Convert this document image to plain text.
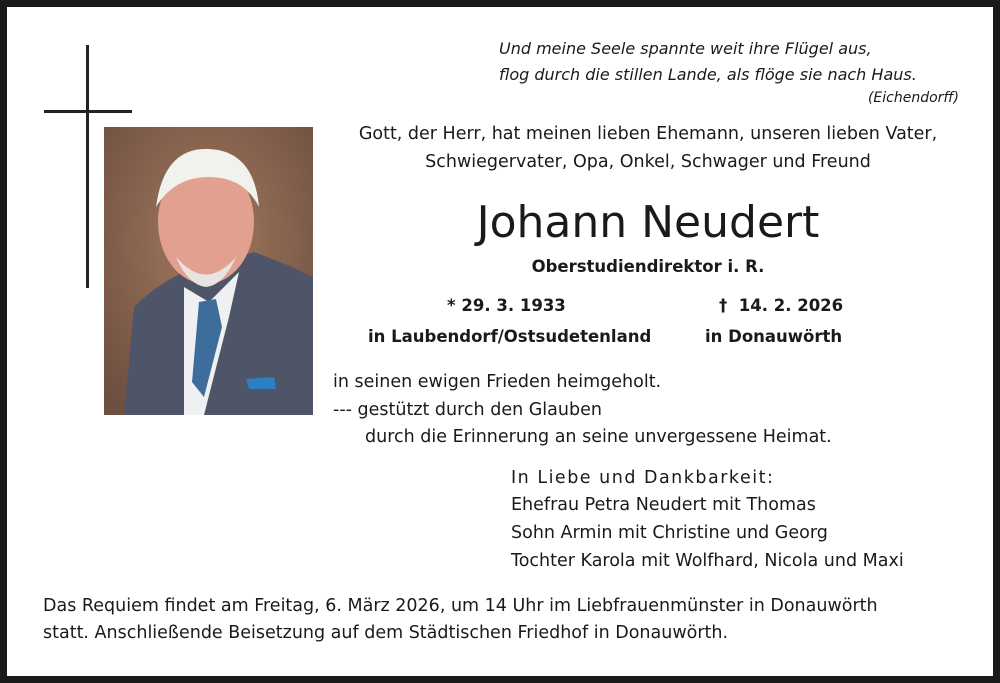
Und meine Seele spannte weit ihre Flügel aus,
flog durch die stillen Lande, als flöge sie nach Haus.
(Eichendorff)
Gott, der Herr, hat meinen lieben Ehemann, unseren lieben Vater,
Schwiegervater, Opa, Onkel, Schwager und Freund
Johann Neudert
Oberstudiendirektor i. R.
* 29. 3. 1933
in Laubendorf/Ostsudetenland
† 14. 2. 2026
in Donauwörth
in seinen ewigen Frieden heimgeholt.
--- gestützt durch den Glauben
durch die Erinnerung an seine unvergessene Heimat.
In Liebe und Dankbarkeit:
Ehefrau Petra Neudert mit Thomas
Sohn Armin mit Christine und Georg
Tochter Karola mit Wolfhard, Nicola und Maxi
Das Requiem findet am Freitag, 6. März 2026, um 14 Uhr im Liebfrauenmünster in Donauwörth
statt. Anschließende Beisetzung auf dem Städtischen Friedhof in Donauwörth.
